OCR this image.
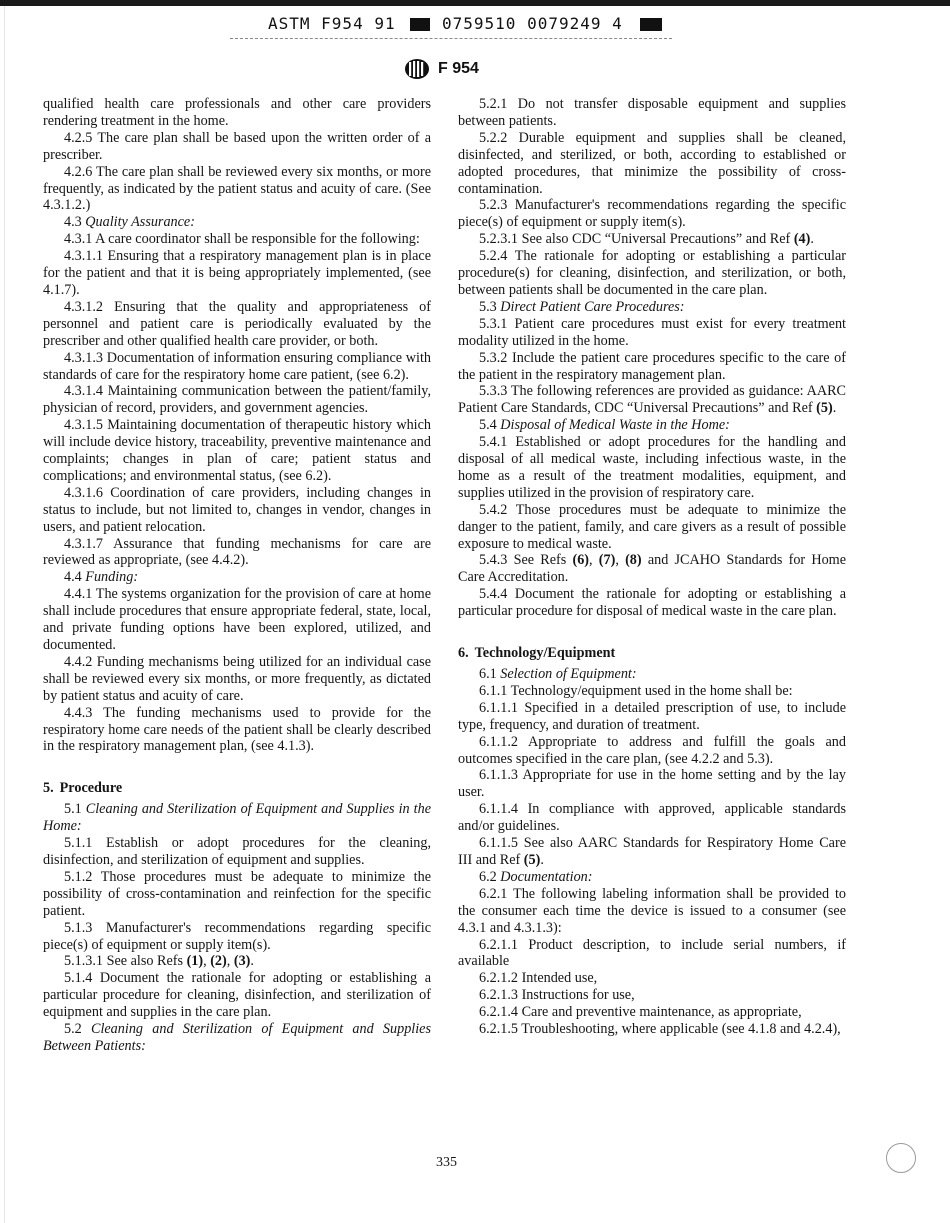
ASTM F954 91	0759510 0079249 4
F 954

qualified health care professionals and other care providers rendering treatment in the home.

4.2.5 The care plan shall be based upon the written order of a prescriber.

4.2.6 The care plan shall be reviewed every six months, or more frequently, as indicated by the patient status and acuity of care. (See 4.3.1.2.)

4.3 Quality Assurance:

4.3.1 A care coordinator shall be responsible for the following:

4.3.1.1 Ensuring that a respiratory management plan is in place for the patient and that it is being appropriately implemented, (see 4.1.7).

4.3.1.2 Ensuring that the quality and appropriateness of personnel and patient care is periodically evaluated by the prescriber and other qualified health care provider, or both.

4.3.1.3 Documentation of information ensuring compliance with standards of care for the respiratory home care patient, (see 6.2).

4.3.1.4 Maintaining communication between the patient/family, physician of record, providers, and government agencies.

4.3.1.5 Maintaining documentation of therapeutic history which will include device history, traceability, preventive maintenance and complaints; changes in plan of care; patient status and complications; and environmental status, (see 6.2).

4.3.1.6 Coordination of care providers, including changes in status to include, but not limited to, changes in vendor, changes in users, and patient relocation.

4.3.1.7 Assurance that funding mechanisms for care are reviewed as appropriate, (see 4.4.2).

4.4 Funding:

4.4.1 The systems organization for the provision of care at home shall include procedures that ensure appropriate federal, state, local, and private funding options have been explored, utilized, and documented.

4.4.2 Funding mechanisms being utilized for an individual case shall be reviewed every six months, or more frequently, as dictated by patient status and acuity of care.

4.4.3 The funding mechanisms used to provide for the respiratory home care needs of the patient shall be clearly described in the respiratory management plan, (see 4.1.3).

5. Procedure

5.1 Cleaning and Sterilization of Equipment and Supplies in the Home:

5.1.1 Establish or adopt procedures for the cleaning, disinfection, and sterilization of equipment and supplies.

5.1.2 Those procedures must be adequate to minimize the possibility of cross-contamination and reinfection for the specific patient.

5.1.3 Manufacturer's recommendations regarding specific piece(s) of equipment or supply item(s).

5.1.3.1 See also Refs (1), (2), (3).

5.1.4 Document the rationale for adopting or establishing a particular procedure for cleaning, disinfection, and sterilization of equipment and supplies in the care plan.

5.2 Cleaning and Sterilization of Equipment and Supplies Between Patients:

5.2.1 Do not transfer disposable equipment and supplies between patients.

5.2.2 Durable equipment and supplies shall be cleaned, disinfected, and sterilized, or both, according to established or adopted procedures, that minimize the possibility of cross-contamination.

5.2.3 Manufacturer's recommendations regarding the specific piece(s) of equipment or supply item(s).

5.2.3.1 See also CDC “Universal Precautions” and Ref (4).

5.2.4 The rationale for adopting or establishing a particular procedure(s) for cleaning, disinfection, and sterilization, or both, between patients shall be documented in the care plan.

5.3 Direct Patient Care Procedures:

5.3.1 Patient care procedures must exist for every treatment modality utilized in the home.

5.3.2 Include the patient care procedures specific to the care of the patient in the respiratory management plan.

5.3.3 The following references are provided as guidance: AARC Patient Care Standards, CDC “Universal Precautions” and Ref (5).

5.4 Disposal of Medical Waste in the Home:

5.4.1 Established or adopt procedures for the handling and disposal of all medical waste, including infectious waste, in the home as a result of the treatment modalities, equipment, and supplies utilized in the provision of respiratory care.

5.4.2 Those procedures must be adequate to minimize the danger to the patient, family, and care givers as a result of possible exposure to medical waste.

5.4.3 See Refs (6), (7), (8) and JCAHO Standards for Home Care Accreditation.

5.4.4 Document the rationale for adopting or establishing a particular procedure for disposal of medical waste in the care plan.

6. Technology/Equipment

6.1 Selection of Equipment:

6.1.1 Technology/equipment used in the home shall be:

6.1.1.1 Specified in a detailed prescription of use, to include type, frequency, and duration of treatment.

6.1.1.2 Appropriate to address and fulfill the goals and outcomes specified in the care plan, (see 4.2.2 and 5.3).

6.1.1.3 Appropriate for use in the home setting and by the lay user.

6.1.1.4 In compliance with approved, applicable standards and/or guidelines.

6.1.1.5 See also AARC Standards for Respiratory Home Care III and Ref (5).

6.2 Documentation:

6.2.1 The following labeling information shall be provided to the consumer each time the device is issued to a consumer (see 4.3.1 and 4.3.1.3):

6.2.1.1 Product description, to include serial numbers, if available

6.2.1.2 Intended use,

6.2.1.3 Instructions for use,

6.2.1.4 Care and preventive maintenance, as appropriate,

6.2.1.5 Troubleshooting, where applicable (see 4.1.8 and 4.2.4),

335
